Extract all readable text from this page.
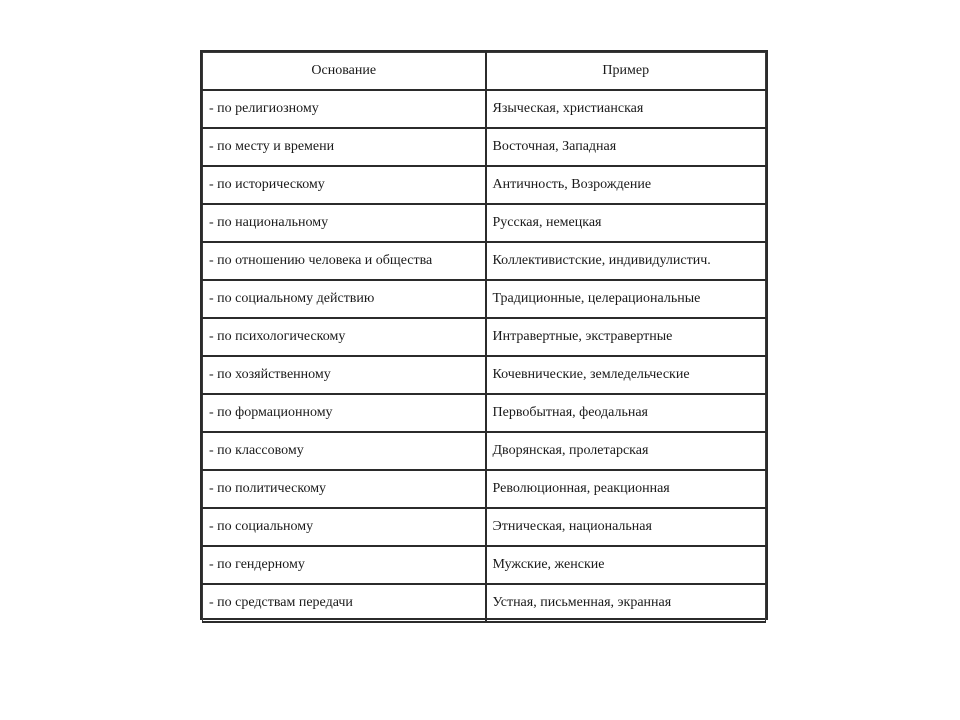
Основание	Пример
- по религиозному	Языческая, христианская
- по месту и времени	Восточная, Западная
- по историческому	Античность, Возрождение
- по национальному	Русская, немецкая
- по отношению человека и общества	Коллективистские, индивидулистич.
- по социальному действию	Традиционные, целерациональные
- по психологическому	Интравертные, экстравертные
- по хозяйственному	Кочевнические, земледельческие
- по формационному	Первобытная, феодальная
- по классовому	Дворянская, пролетарская
- по политическому	Революционная, реакционная
- по социальному	Этническая, национальная
- по гендерному	Мужские, женские
- по средствам передачи	Устная, письменная, экранная
